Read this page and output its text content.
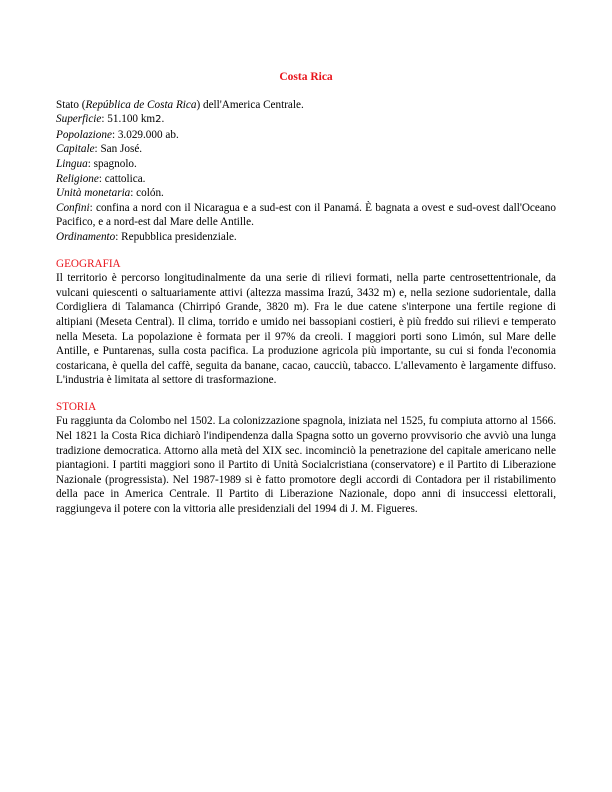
Costa Rica

Stato (República de Costa Rica) dell'America Centrale.

Superficie: 51.100 km2.

Popolazione: 3.029.000 ab.

Capitale: San José.

Lingua: spagnolo.

Religione: cattolica.

Unità monetaria: colón.

Confini: confina a nord con il Nicaragua e a sud-est con il Panamá. È bagnata a ovest e sud-ovest dall'Oceano Pacifico, e a nord-est dal Mare delle Antille.

Ordinamento: Repubblica presidenziale.

GEOGRAFIA

Il territorio è percorso longitudinalmente da una serie di rilievi formati, nella parte centrosettentrionale, da vulcani quiescenti o saltuariamente attivi (altezza massima Irazú, 3432 m) e, nella sezione sudorientale, dalla Cordigliera di Talamanca (Chirripó Grande, 3820 m). Fra le due catene s'interpone una fertile regione di altipiani (Meseta Central). Il clima, torrido e umido nei bassopiani costieri, è più freddo sui rilievi e temperato nella Meseta. La popolazione è formata per il 97% da creoli. I maggiori porti sono Limón, sul Mare delle Antille, e Puntarenas, sulla costa pacifica. La produzione agricola più importante, su cui si fonda l'economia costaricana, è quella del caffè, seguita da banane, cacao, caucciù, tabacco. L'allevamento è largamente diffuso. L'industria è limitata al settore di trasformazione.

STORIA

Fu raggiunta da Colombo nel 1502. La colonizzazione spagnola, iniziata nel 1525, fu compiuta attorno al 1566. Nel 1821 la Costa Rica dichiarò l'indipendenza dalla Spagna sotto un governo provvisorio che avviò una lunga tradizione democratica. Attorno alla metà del XIX sec. incominciò la penetrazione del capitale americano nelle piantagioni. I partiti maggiori sono il Partito di Unità Socialcristiana (conservatore) e il Partito di Liberazione Nazionale (progressista). Nel 1987-1989 si è fatto promotore degli accordi di Contadora per il ristabilimento della pace in America Centrale. Il Partito di Liberazione Nazionale, dopo anni di insuccessi elettorali, raggiungeva il potere con la vittoria alle presidenziali del 1994 di J. M. Figueres.
